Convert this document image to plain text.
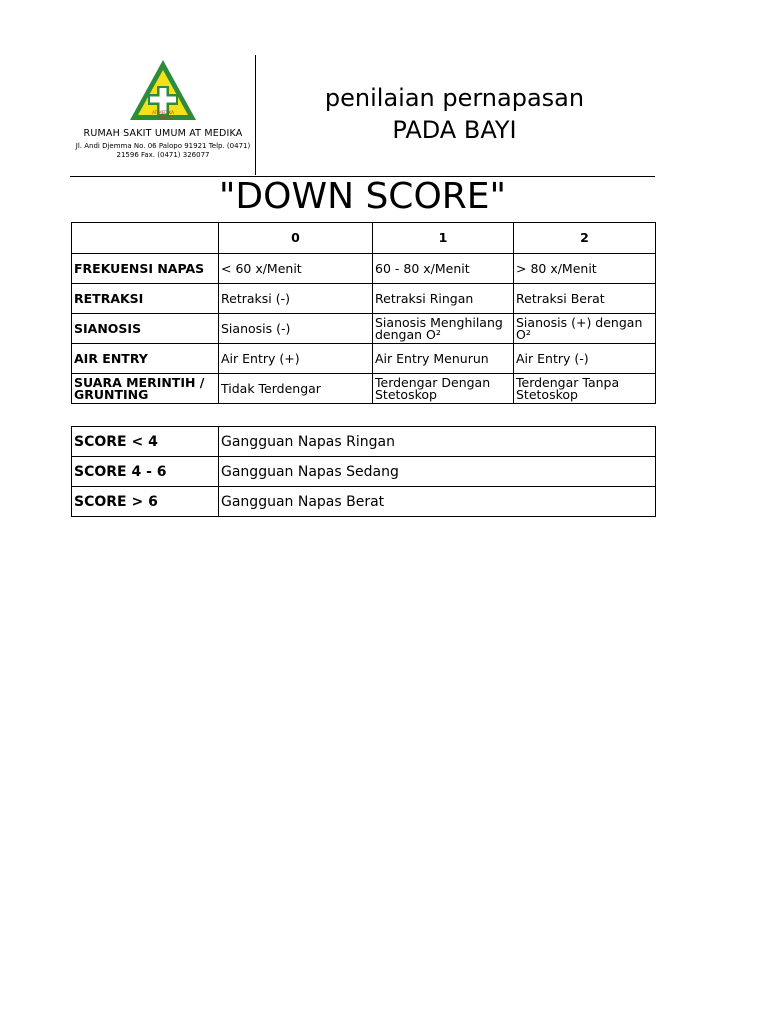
AT MEDIKA
PALOPO
RUMAH SAKIT UMUM AT MEDIKA
Jl. Andi Djemma No. 06 Palopo 91921 Telp. (0471) 21596 Fax. (0471) 326077
penilaian pernapasan
PADA BAYI
"DOWN SCORE"
	0	1	2
FREKUENSI NAPAS	< 60 x/Menit	60 - 80 x/Menit	> 80 x/Menit
RETRAKSI	Retraksi (-)	Retraksi Ringan	Retraksi Berat
SIANOSIS	Sianosis (-)	Sianosis Menghilang dengan O²	Sianosis (+) dengan O²
AIR ENTRY	Air Entry (+)	Air Entry Menurun	Air Entry (-)
SUARA MERINTIH / GRUNTING	Tidak Terdengar	Terdengar Dengan Stetoskop	Terdengar Tanpa Stetoskop
SCORE < 4	Gangguan Napas Ringan
SCORE 4 - 6	Gangguan Napas Sedang
SCORE > 6	Gangguan Napas Berat
